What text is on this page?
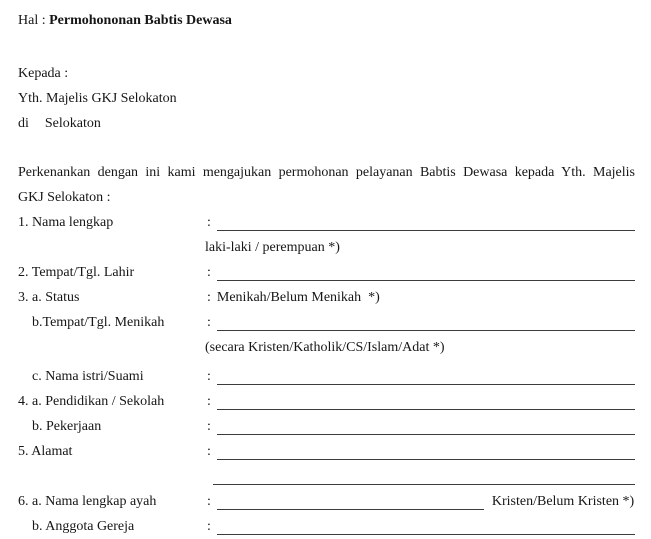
Hal : Permohononan Babtis Dewasa
Kepada :
Yth. Majelis GKJ Selokaton
di Selokaton
Perkenankan dengan ini kami mengajukan permohonan pelayanan Babtis Dewasa kepada Yth. Majelis
GKJ Selokaton :
1. Nama lengkap	:
laki-laki / perempuan *)
2. Tempat/Tgl. Lahir	:
3. a. Status	: Menikah/Belum Menikah  *)
b.Tempat/Tgl. Menikah	:
(secara Kristen/Katholik/CS/Islam/Adat *)
c. Nama istri/Suami	:
4. a. Pendidikan / Sekolah	:
b. Pekerjaan	:
5. Alamat	:
6. a. Nama lengkap ayah	:	Kristen/Belum Kristen *)
b. Anggota Gereja	:
